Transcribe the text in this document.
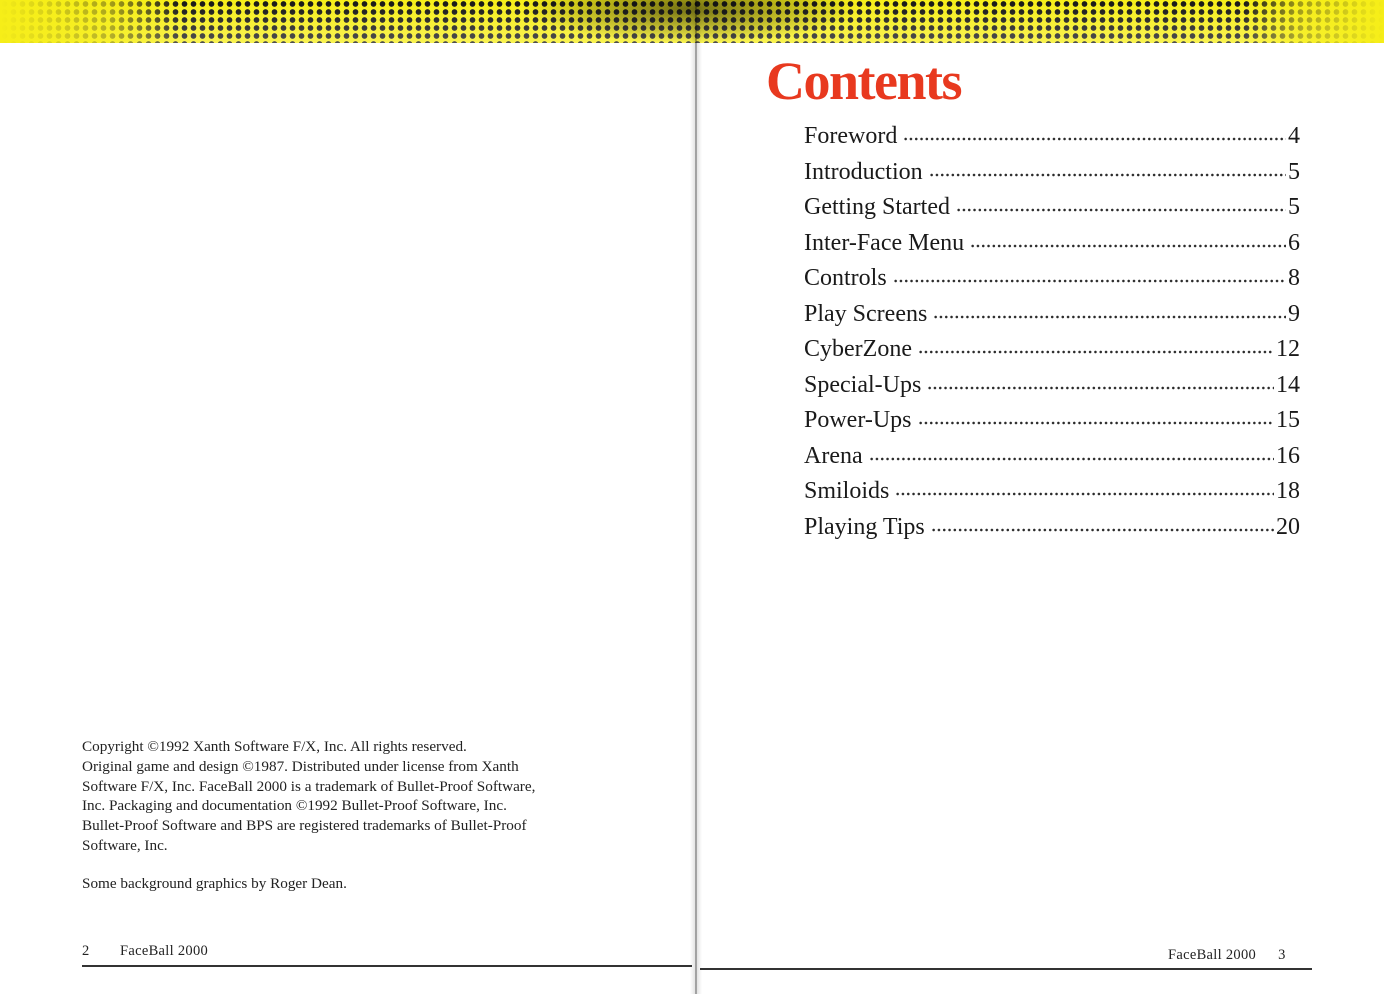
Copyright ©1992 Xanth Software F/X, Inc. All rights reserved.

Original game and design ©1987. Distributed under license from Xanth

Software F/X, Inc. FaceBall 2000 is a trademark of Bullet-Proof Software,

Inc. Packaging and documentation ©1992 Bullet-Proof Software, Inc.

Bullet-Proof Software and BPS are registered trademarks of Bullet-Proof

Software, Inc.

Some background graphics by Roger Dean.
2 FaceBall 2000
Contents
Foreword	4
Introduction	5
Getting Started	5
Inter-Face Menu	6
Controls	8
Play Screens	9
CyberZone	12
Special-Ups	14
Power-Ups	15
Arena	16
Smiloids	18
Playing Tips	20
FaceBall 2000 3
